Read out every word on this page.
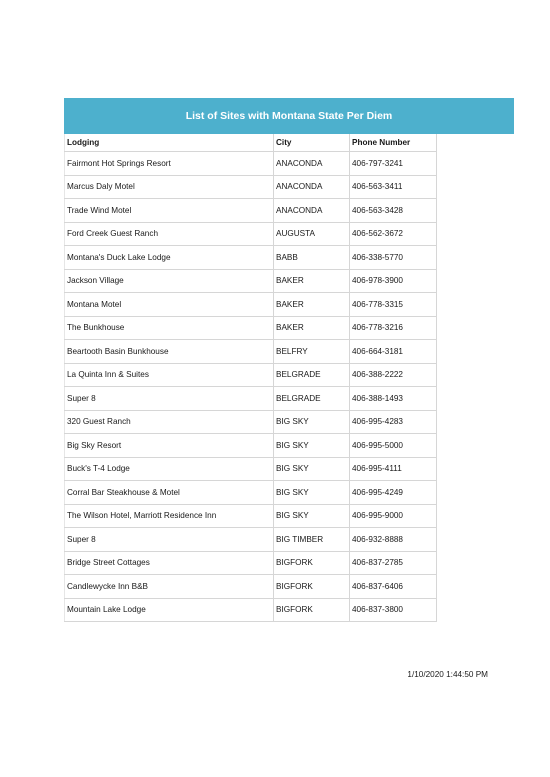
List of Sites with Montana State Per Diem
Lodging	City	Phone Number
Fairmont Hot Springs Resort	ANACONDA	406-797-3241
Marcus Daly Motel	ANACONDA	406-563-3411
Trade Wind Motel	ANACONDA	406-563-3428
Ford Creek Guest Ranch	AUGUSTA	406-562-3672
Montana's Duck Lake Lodge	BABB	406-338-5770
Jackson Village	BAKER	406-978-3900
Montana Motel	BAKER	406-778-3315
The Bunkhouse	BAKER	406-778-3216
Beartooth Basin Bunkhouse	BELFRY	406-664-3181
La Quinta Inn & Suites	BELGRADE	406-388-2222
Super 8	BELGRADE	406-388-1493
320 Guest Ranch	BIG SKY	406-995-4283
Big Sky Resort	BIG SKY	406-995-5000
Buck's T-4 Lodge	BIG SKY	406-995-4111
Corral Bar Steakhouse & Motel	BIG SKY	406-995-4249
The Wilson Hotel, Marriott Residence Inn	BIG SKY	406-995-9000
Super 8	BIG TIMBER	406-932-8888
Bridge Street Cottages	BIGFORK	406-837-2785
Candlewycke Inn B&B	BIGFORK	406-837-6406
Mountain Lake Lodge	BIGFORK	406-837-3800
1/10/2020 1:44:50 PM
